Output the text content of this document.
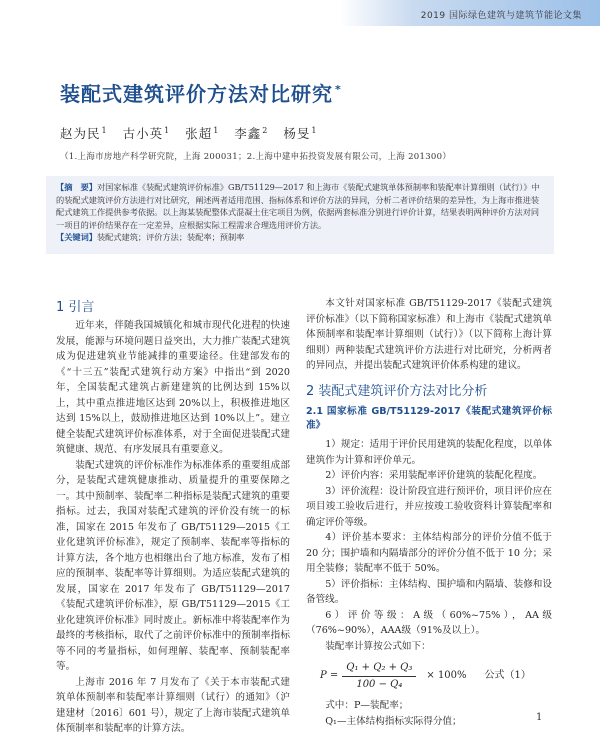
2019 国际绿色建筑与建筑节能论文集
装配式建筑评价方法对比研究 *
赵为民$^1$ 古小英$^1$ 张超$^1$ 李鑫$^2$ 杨旻$^1$
（1.上海市房地产科学研究院，上海 200031；2.上海中建申拓投资发展有限公司，上海 201300）
【摘　要】对国家标准《装配式建筑评价标准》GB/T51129—2017 和上海市《装配式建筑单体预制率和装配率计算细则（试行）》中的装配式建筑评价方法进行对比研究，阐述两者适用范围、指标体系和评价方法的异同，分析二者评价结果的差异性，为上海市推进装配式建筑工作提供参考依据。以上海某装配整体式混凝土住宅项目为例，依据两套标准分别进行评价计算，结果表明两种评价方法对同一项目的评价结果存在一定差异，应根据实际工程需求合理选用评价方法。
【关键词】装配式建筑；评价方法；装配率；预制率
1 引言

近年来，伴随我国城镇化和城市现代化进程的快速发展，能源与环境问题日益突出，大力推广装配式建筑成为促进建筑业节能减排的重要途径。住建部发布的《“十三五”装配式建筑行动方案》中指出“到 2020 年，全国装配式建筑占新建建筑的比例达到 15%以上，其中重点推进地区达到 20%以上，积极推进地区达到 15%以上，鼓励推进地区达到 10%以上”。建立健全装配式建筑评价标准体系，对于全面促进装配式建筑健康、规范、有序发展具有重要意义。

装配式建筑的评价标准作为标准体系的重要组成部分，是装配式建筑健康推动、质量提升的重要保障之一。其中预制率、装配率二种指标是装配式建筑的重要指标。过去，我国对装配式建筑的评价没有统一的标准，国家在 2015 年发布了 GB/T51129—2015《工业化建筑评价标准》，规定了预制率、装配率等指标的计算方法，各个地方也相继出台了地方标准，发布了相应的预制率、装配率等计算细则。为适应装配式建筑的发展，国家在 2017 年发布了 GB/T51129—2017《装配式建筑评价标准》，原 GB/T51129—2015《工业化建筑评价标准》同时废止。新标准中将装配率作为最终的考核指标，取代了之前评价标准中的预制率指标等不同的考量指标，如何理解、装配率、预制装配率等。

上海市 2016 年 7 月发布了《关于本市装配式建筑单体预制率和装配率计算细则（试行）的通知》（沪建建材〔2016〕601 号），规定了上海市装配式建筑单体预制率和装配率的计算方法。

本文针对国家标准 GB/T51129-2017《装配式建筑评价标准》（以下简称国家标准）和上海市《装配式建筑单体预制率和装配率计算细则（试行）》（以下简称上海计算细则）两种装配式建筑评价方法进行对比研究，分析两者的异同点，并提出装配式建筑评价体系构建的建议。

2 装配式建筑评价方法对比分析
2.1 国家标准 GB/T51129-2017《装配式建筑评价标准》

1）规定：适用于评价民用建筑的装配化程度，以单体建筑作为计算和评价单元。

2）评价内容：采用装配率评价建筑的装配化程度。

3）评价流程：设计阶段宜进行预评价，项目评价应在项目竣工验收后进行，并应按竣工验收资料计算装配率和确定评价等级。

4）评价基本要求：主体结构部分的评价分值不低于 20 分；围护墙和内隔墙部分的评价分值不低于 10 分；采用全装修；装配率不低于 50%。

5）评价指标：主体结构、围护墙和内隔墙、装修和设备管线。

6）评价等级：A级（60%~75%），AA级（76%~90%），AAA级（91%及以上）。

装配率计算按公式如下：

$P = \frac{\text{Q₁ + Q₂ + Q₃}}{\text{100 − Q₄}} \times 100\%$ 公式（1）

式中：P—装配率；

Q₁—主体结构指标实际得分值；	1
